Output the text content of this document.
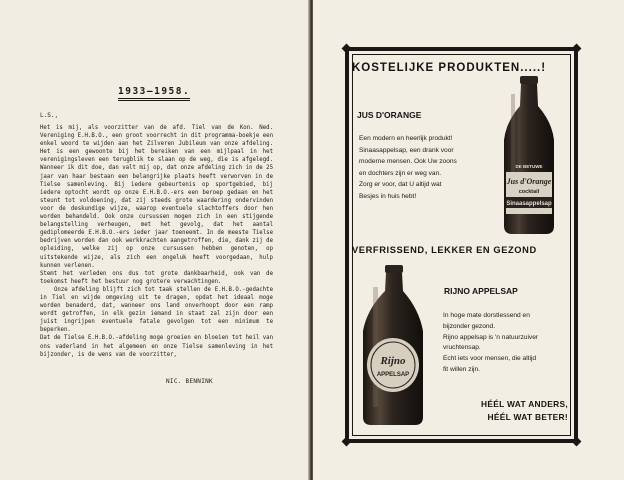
1933–1958.
L.S.,

Het is mij, als voorzitter van de afd. Tiel van de Kon. Ned. Vereniging E.H.B.O., een groot voorrecht in dit programma-boekje een enkel woord te wijden aan het Zilveren Jubileum van onze afdeling. Het is een gewoonte bij het bereiken van een mijlpaal in het verenigingsleven een terugblik te slaan op de weg, die is afgelegd. Wanneer ik dit doe, dan valt mij op, dat onze afdeling zich in de 25 jaar van haar bestaan een belangrijke plaats heeft verworven in de Tielse samenleving. Bij iedere gebeurtenis op sportgebied, bij iedere optocht wordt op onze E.H.B.O.-ers een beroep gedaan en het steunt tot voldoening, dat zij steeds grote waardering ondervinden voor de deskundige wijze, waarop eventuele slachtoffers door hen worden behandeld. Ook onze cursussen mogen zich in een stijgende belangstelling verheugen, met het gevolg, dat het aantal gediplomeerde E.H.B.O.-ers ieder jaar toeneemt. In de meeste Tielse bedrijven worden dan ook werkkrachten aangetroffen, die, dank zij de opleiding, welke zij op onze cursussen hebben genoten, op uitstekende wijze, als zich een ongeluk heeft voorgedaan, hulp kunnen verlenen.

Stemt het verleden ons dus tot grote dankbaarheid, ook van de toekomst heeft het bestuur nog grotere verwachtingen.

Onze afdeling blijft zich tot taak stellen de E.H.B.O.-gedachte in Tiel en wijde omgeving uit te dragen, opdat het ideaal moge worden benaderd, dat, wanneer ons land onverhoopt door een ramp wordt getroffen, in elk gezin iemand in staat zal zijn door een juist ingrijpen eventuele fatale gevolgen tot een minimum te beperken.

Dat de Tielse E.H.B.O.-afdeling moge groeien en bloeien tot heil van ons vaderland in het algemeen en onze Tielse samenleving in het bijzonder, is de wens van de voorzitter,

NIC. BENNINK
KOSTELIJKE PRODUKTEN.....!
JUS D'ORANGE
Een modern en heerlijk produkt!
Sinaasappelsap, een drank voor
moderne mensen. Ook Uw zoons
en dochters zijn er weg van.
Zorg er voor, dat U altijd wat
Besjes in huis hebt!
DE BETUWE
Jus d'Orange
cocktail
Sinaasappelsap
VERFRISSEND, LEKKER EN GEZOND
Rijno
APPELSAP
RIJNO APPELSAP
In hoge mate dorstlessend en
bijzonder gezond.
Rijno appelsap is 'n natuurzuiver
vruchtensap.
Echt iets voor mensen, die altijd
fit willen zijn.
HÉÉL WAT ANDERS,
HÉÉL WAT BETER!
